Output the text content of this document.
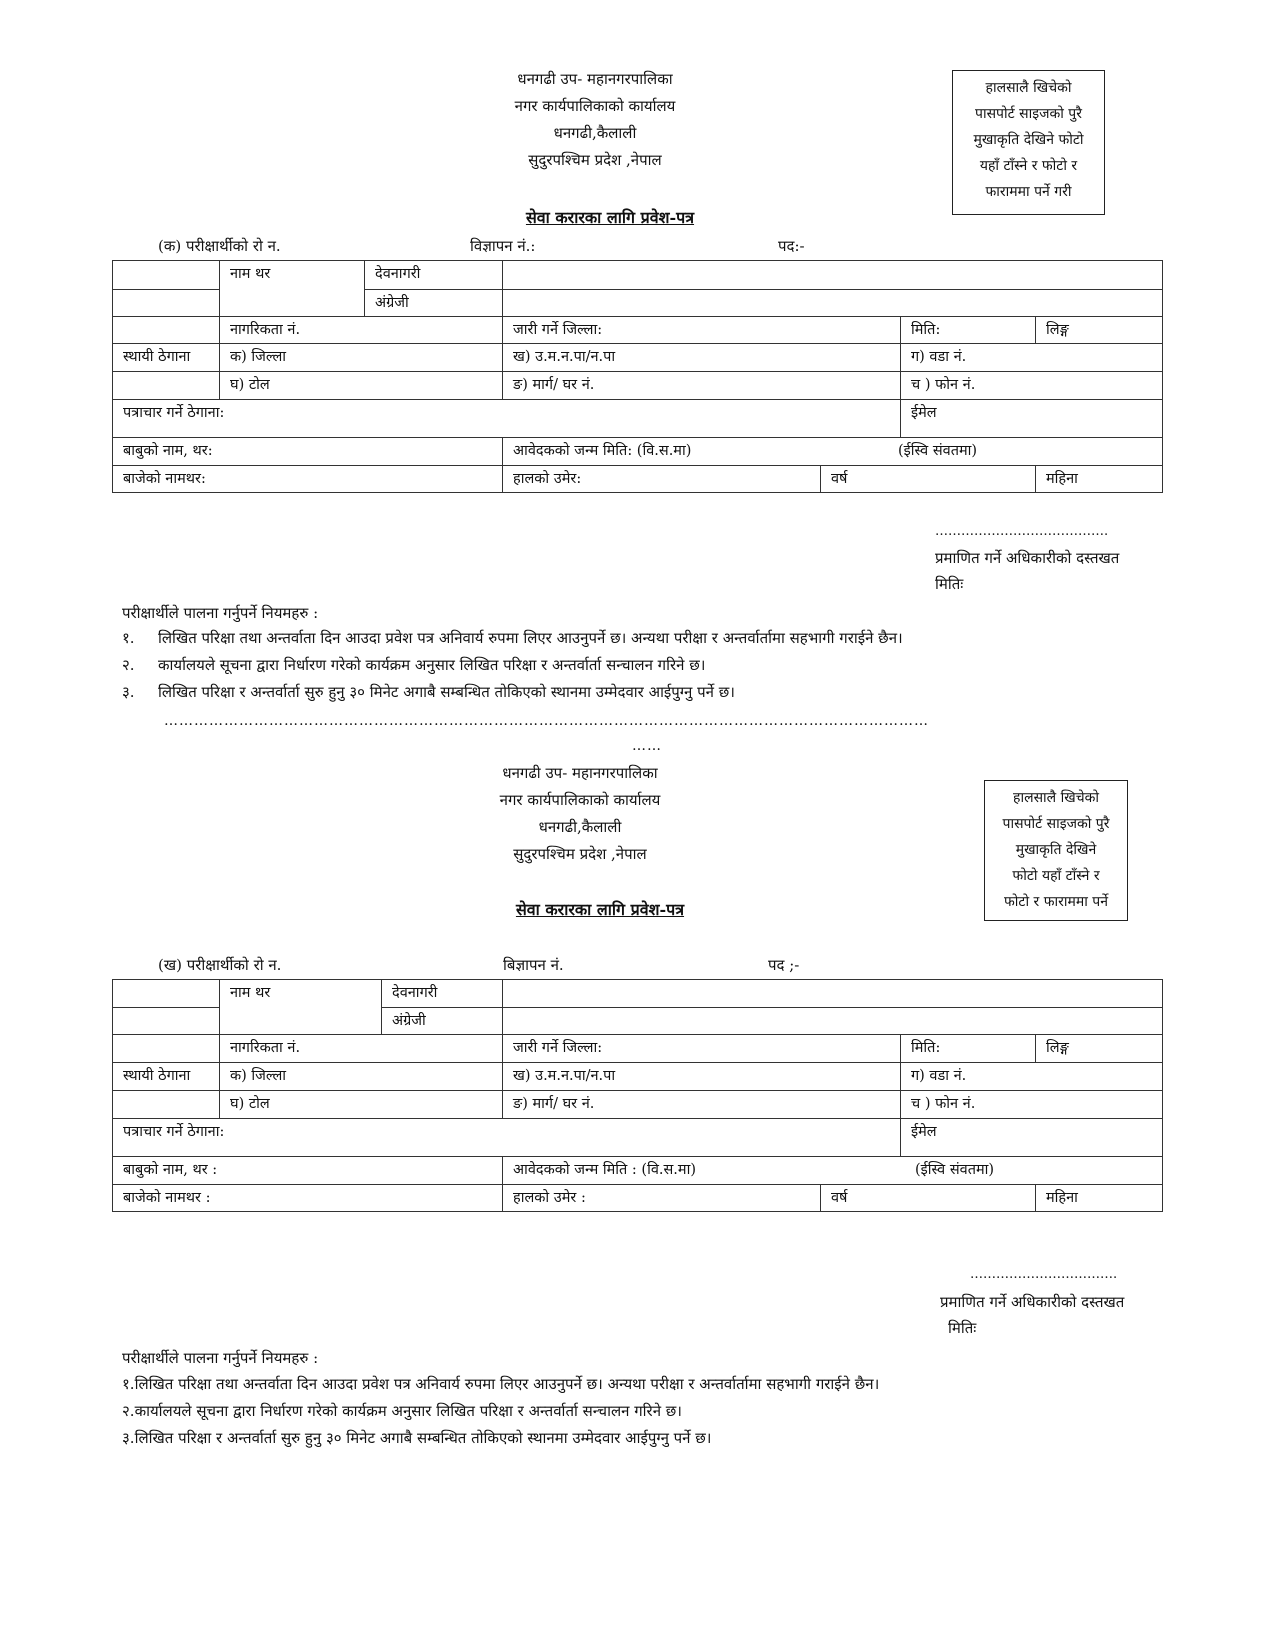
धनगढी उप- महानगरपालिका
नगर कार्यपालिकाको कार्यालय
धनगढी,कैलाली
सुदुरपश्चिम प्रदेश ,नेपाल
हालसालै खिचेको
पासपोर्ट साइजको पुरै
मुखाकृति देखिने फोटो
यहाँ टाँस्ने र फोटो र
फाराममा पर्ने गरी
सेवा करारका लागि प्रवेश-पत्र
(क) परीक्षार्थीको रो न.	विज्ञापन नं.:	पद:-
	नाम थर	देवनागरी				
		अंग्रेजी				
	नागरिकता नं.		जारी गर्ने जिल्ला:		मिति:	लिङ्ग
स्थायी ठेगाना	क) जिल्ला		ख) उ.म.न.पा/न.पा		ग) वडा नं.	
	घ) टोल		ङ) मार्ग/ घर नं.		च ) फोन नं.	
पत्राचार गर्ने ठेगाना:					ईमेल	
बाबुको नाम, थर:			आवेदकको जन्म मिति: (वि.स.मा) (ईस्वि संवतमा)			
बाजेको नामथर:			हालको उमेर:	वर्ष		महिना
………………………………….
प्रमाणित गर्ने अधिकारीको दस्तखत
मितिः
परीक्षार्थीले पालना गर्नुपर्ने नियमहरु :
१. लिखित परिक्षा तथा अन्तर्वाता दिन आउदा प्रवेश पत्र अनिवार्य रुपमा लिएर आउनुपर्ने छ। अन्यथा परीक्षा र अन्तर्वार्तामा सहभागी गराईने छैन।
२. कार्यालयले सूचना द्वारा निर्धारण गरेको कार्यक्रम अनुसार लिखित परिक्षा र अन्तर्वार्ता सन्चालन गरिने छ।
३. लिखित परिक्षा र अन्तर्वार्ता सुरु हुनु ३० मिनेट अगाबै सम्बन्धित तोकिएको स्थानमा उम्मेदवार आईपुग्नु पर्ने छ।
………………………………………………………………………………………………………………………………………
……
धनगढी उप- महानगरपालिका
नगर कार्यपालिकाको कार्यालय
धनगढी,कैलाली
सुदुरपश्चिम प्रदेश ,नेपाल
हालसालै खिचेको
पासपोर्ट साइजको पुरै
मुखाकृति देखिने
फोटो यहाँ टाँस्ने र
फोटो र फाराममा पर्ने
सेवा करारका लागि प्रवेश-पत्र
(ख) परीक्षार्थीको रो न.	बिज्ञापन नं.	पद ;-
	नाम थर	देवनागरी				
		अंग्रेजी				
	नागरिकता नं.		जारी गर्ने जिल्ला:		मिति:	लिङ्ग
स्थायी ठेगाना	क) जिल्ला		ख) उ.म.न.पा/न.पा		ग) वडा नं.	
	घ) टोल		ङ) मार्ग/ घर नं.		च ) फोन नं.	
पत्राचार गर्ने ठेगाना:					ईमेल	
बाबुको नाम, थर :			आवेदकको जन्म मिति : (वि.स.मा) (ईस्वि संवतमा)			
बाजेको नामथर :			हालको उमेर :	वर्ष		महिना
…………………………….
प्रमाणित गर्ने अधिकारीको दस्तखत
मितिः
परीक्षार्थीले पालना गर्नुपर्ने नियमहरु :
१.लिखित परिक्षा तथा अन्तर्वाता दिन आउदा प्रवेश पत्र अनिवार्य रुपमा लिएर आउनुपर्ने छ। अन्यथा परीक्षा र अन्तर्वार्तामा सहभागी गराईने छैन।
२.कार्यालयले सूचना द्वारा निर्धारण गरेको कार्यक्रम अनुसार लिखित परिक्षा र अन्तर्वार्ता सन्चालन गरिने छ।
३.लिखित परिक्षा र अन्तर्वार्ता सुरु हुनु ३० मिनेट अगाबै सम्बन्धित तोकिएको स्थानमा उम्मेदवार आईपुग्नु पर्ने छ।
